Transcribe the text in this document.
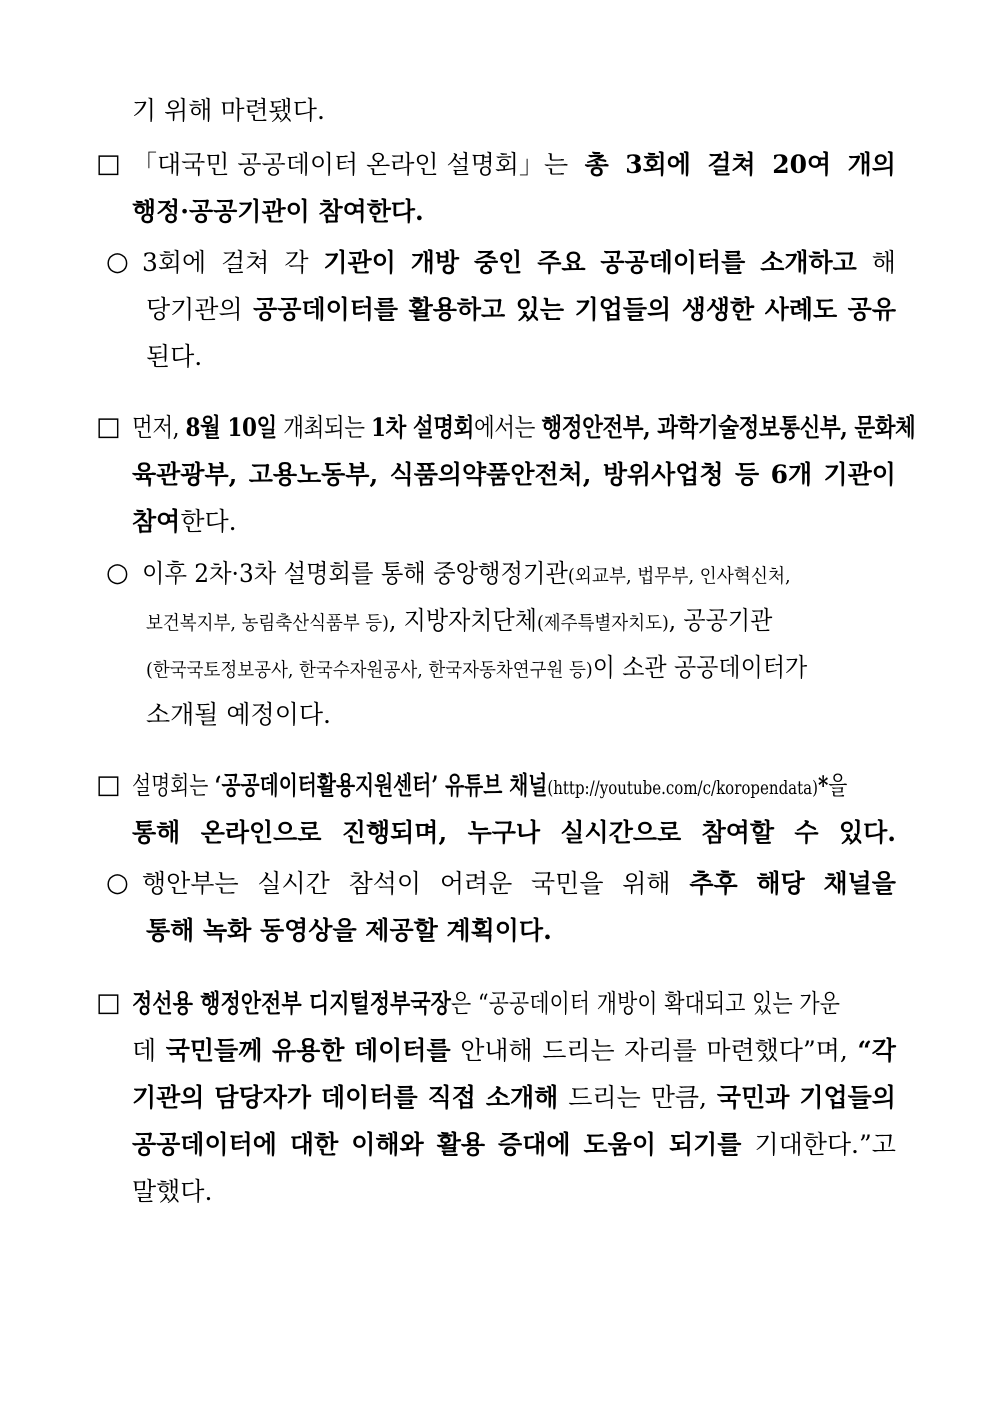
기 위해 마련됐다.
□ 「대국민 공공데이터 온라인 설명회」는 총 3회에 걸쳐 20여 개의
행정·공공기관이 참여한다.
○ 3회에 걸쳐 각 기관이 개방 중인 주요 공공데이터를 소개하고 해
당기관의 공공데이터를 활용하고 있는 기업들의 생생한 사례도 공유
된다.
□ 먼저, 8월 10일 개최되는 1차 설명회에서는 행정안전부, 과학기술정보통신부, 문화체
육관광부, 고용노동부, 식품의약품안전처, 방위사업청 등 6개 기관이
참여 한다.
○ 이후 2차·3차 설명회를 통해 중앙행정기관(외교부, 법무부, 인사혁신처,
보건복지부, 농림축산식품부 등), 지방자치단체(제주특별자치도), 공공기관
(한국국토정보공사, 한국수자원공사, 한국자동차연구원 등)이 소관 공공데이터가
소개될 예정이다.
□ 설명회는 ‘공공데이터활용지원센터’ 유튜브 채널(http://youtube.com/c/koropendata)*을
통해 온라인으로 진행되며, 누구나 실시간으로 참여할 수 있다.
○ 행안부는 실시간 참석이 어려운 국민을 위해 추후 해당 채널을
통해 녹화 동영상을 제공할 계획이다.
□ 정선용 행정안전부 디지털정부국장은 “공공데이터 개방이 확대되고 있는 가운
데 국민들께 유용한 데이터를 안내해 드리는 자리를 마련했다”며, “각
기관의 담당자가 데이터를 직접 소개해 드리는 만큼, 국민과 기업들의
공공데이터에 대한 이해와 활용 증대에 도움이 되기를 기대한다.”고
말했다.
